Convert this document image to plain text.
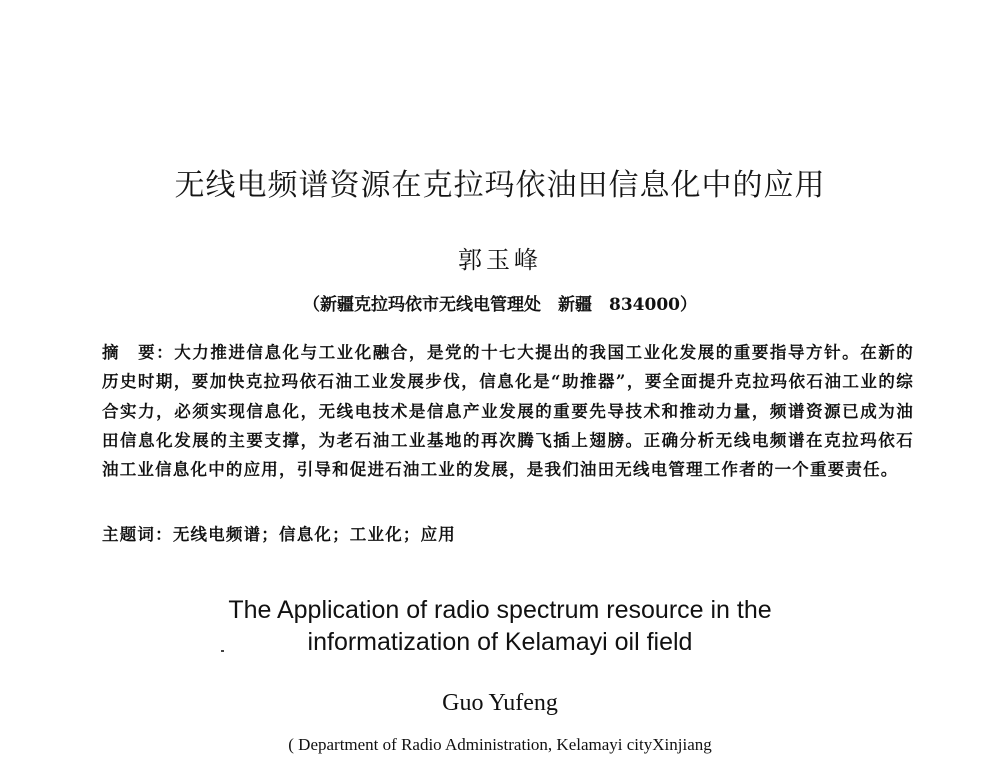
无线电频谱资源在克拉玛依油田信息化中的应用
郭玉峰
（新疆克拉玛依市无线电管理处　新疆　834000）
摘　要：大力推进信息化与工业化融合，是党的十七大提出的我国工业化发展的重要指导方针。在新的历史时期，要加快克拉玛依石油工业发展步伐，信息化是“助推器”，要全面提升克拉玛依石油工业的综合实力，必须实现信息化，无线电技术是信息产业发展的重要先导技术和推动力量，频谱资源已成为油田信息化发展的主要支撑，为老石油工业基地的再次腾飞插上翅膀。正确分析无线电频谱在克拉玛依石油工业信息化中的应用，引导和促进石油工业的发展，是我们油田无线电管理工作者的一个重要责任。
主题词：无线电频谱；信息化；工业化；应用
The Application of radio spectrum resource in the
informatization of Kelamayi oil field
Guo Yufeng
( Department of Radio Administration, Kelamayi cityXinjiang
